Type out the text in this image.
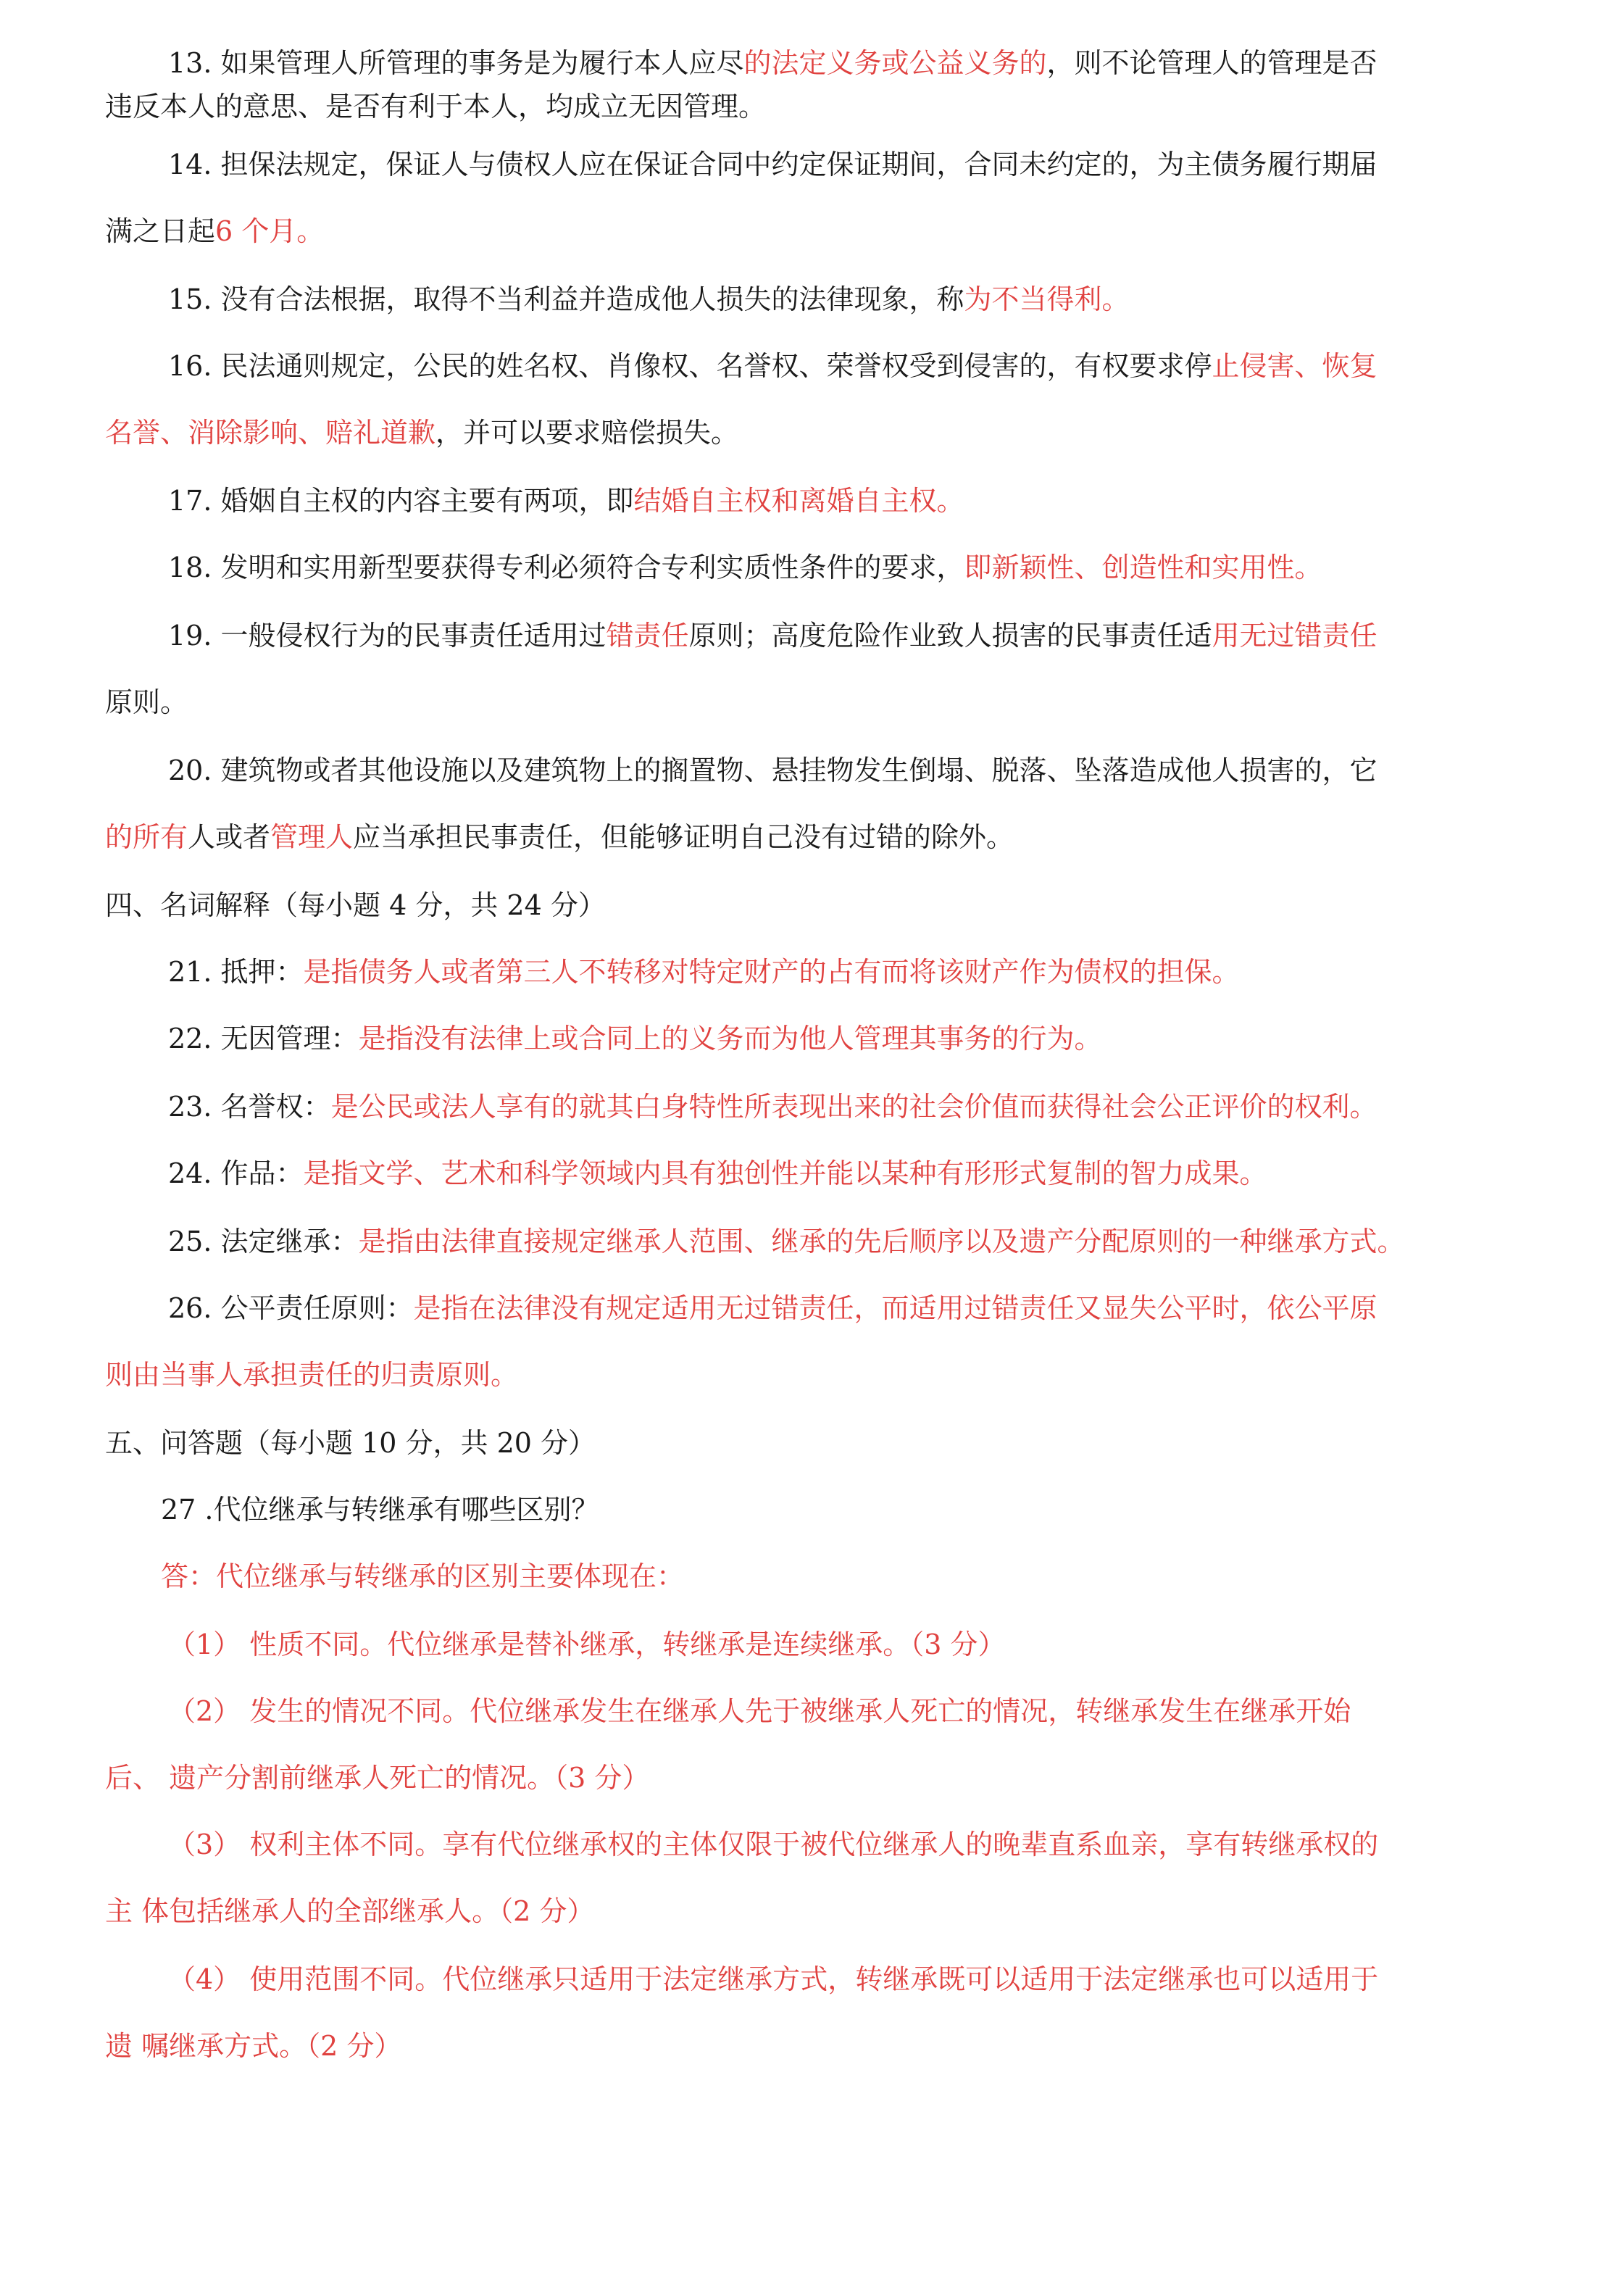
13. 如果管理人所管理的事务是为履行本人应尽的法定义务或公益义务的，则不论管理人的管理是否
违反本人的意思、是否有利于本人，均成立无因管理。
14. 担保法规定，保证人与债权人应在保证合同中约定保证期间，合同未约定的，为主债务履行期届
满之日起6 个月。
15. 没有合法根据，取得不当利益并造成他人损失的法律现象，称为不当得利。
16. 民法通则规定，公民的姓名权、肖像权、名誉权、荣誉权受到侵害的，有权要求停止侵害、恢复
名誉、消除影响、赔礼道歉，并可以要求赔偿损失。
17. 婚姻自主权的内容主要有两项，即结婚自主权和离婚自主权。
18. 发明和实用新型要获得专利必须符合专利实质性条件的要求，即新颖性、创造性和实用性。
19. 一般侵权行为的民事责任适用过错责任原则；高度危险作业致人损害的民事责任适用无过错责任
原则。
20. 建筑物或者其他设施以及建筑物上的搁置物、悬挂物发生倒塌、脱落、坠落造成他人损害的，它
的所有人或者管理人应当承担民事责任，但能够证明自己没有过错的除外。
四、名词解释（每小题 4 分，共 24 分）
21. 抵押：是指债务人或者第三人不转移对特定财产的占有而将该财产作为债权的担保。
22. 无因管理：是指没有法律上或合同上的义务而为他人管理其事务的行为。
23. 名誉权：是公民或法人享有的就其白身特性所表现出来的社会价值而获得社会公正评价的权利。
24. 作品：是指文学、艺术和科学领域内具有独创性并能以某种有形形式复制的智力成果。
25. 法定继承：是指由法律直接规定继承人范围、继承的先后顺序以及遗产分配原则的一种继承方式。
26. 公平责任原则：是指在法律没有规定适用无过错责任，而适用过错责任又显失公平时，依公平原
则由当事人承担责任的归责原则。
五、问答题（每小题 10 分，共 20 分）
27 .代位继承与转继承有哪些区别？
答：代位继承与转继承的区别主要体现在：
（1） 性质不同。代位继承是替补继承，转继承是连续继承。（3 分）
（2） 发生的情况不同。代位继承发生在继承人先于被继承人死亡的情况，转继承发生在继承开始
后、 遗产分割前继承人死亡的情况。（3 分）
（3） 权利主体不同。享有代位继承权的主体仅限于被代位继承人的晚辈直系血亲，享有转继承权的
主 体包括继承人的全部继承人。（2 分）
（4） 使用范围不同。代位继承只适用于法定继承方式，转继承既可以适用于法定继承也可以适用于
遗 嘱继承方式。（2 分）
